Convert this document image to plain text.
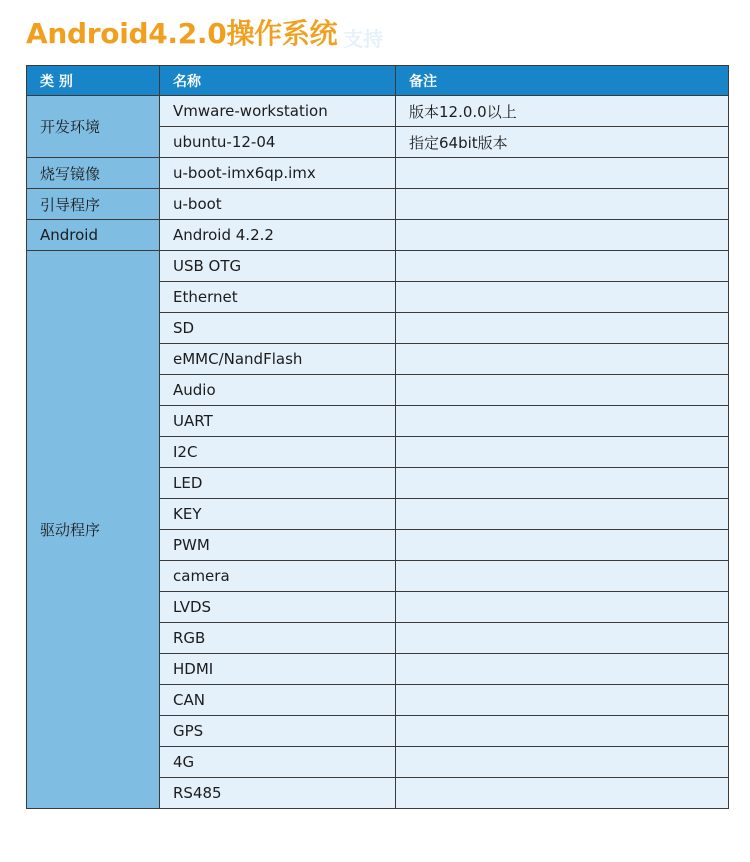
Android4.2.0操作系统 支持
类 别	名称	备注
开发环境	Vmware-workstation	版本12.0.0以上
	ubuntu-12-04	指定64bit版本
烧写镜像	u-boot-imx6qp.imx	
引导程序	u-boot	
Android	Android 4.2.2	
驱动程序	USB OTG	
	Ethernet	
	SD	
	eMMC/NandFlash	
	Audio	
	UART	
	I2C	
	LED	
	KEY	
	PWM	
	camera	
	LVDS	
	RGB	
	HDMI	
	CAN	
	GPS	
	4G	
	RS485	
